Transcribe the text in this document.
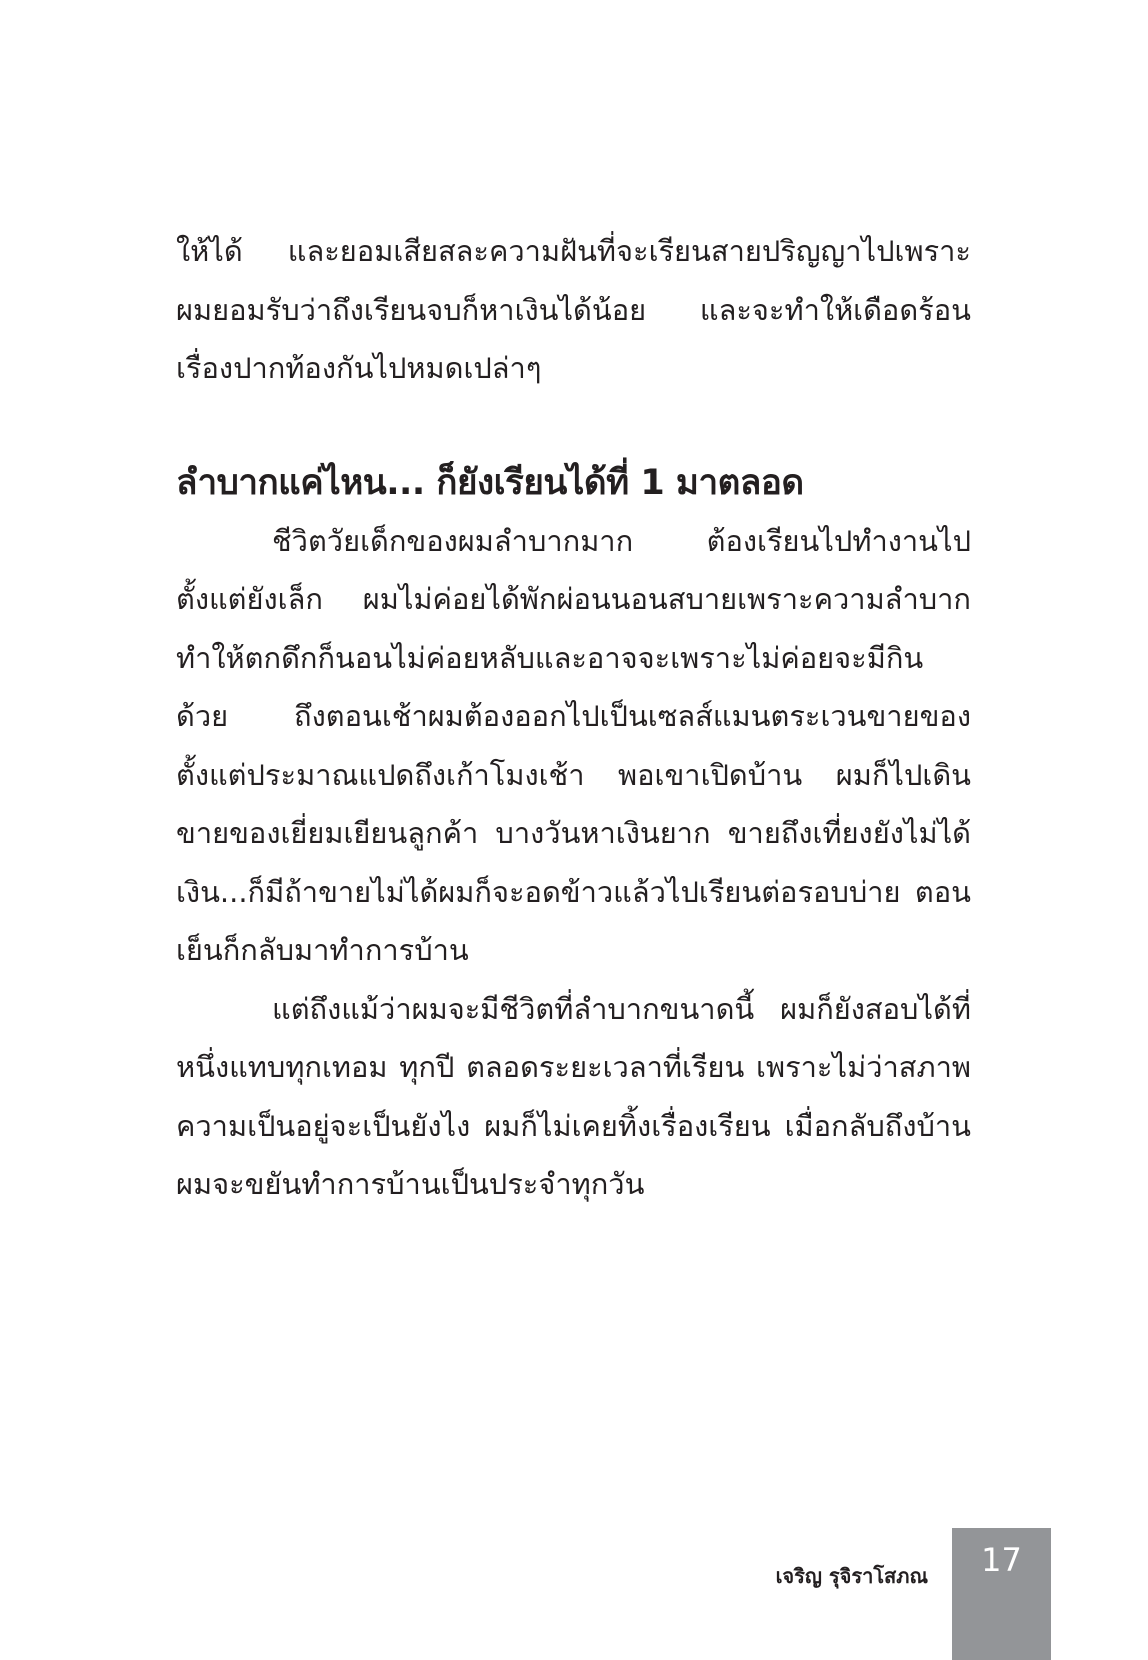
ให้ได้ และยอมเสียสละความฝันที่จะเรียนสายปริญญาไปเพราะผมยอมรับว่าถึงเรียนจบก็หาเงินได้น้อย และจะทำให้เดือดร้อนเรื่องปากท้องกันไปหมดเปล่าๆ

ลำบากแค่ไหน... ก็ยังเรียนได้ที่ 1 มาตลอด

ชีวิตวัยเด็กของผมลำบากมาก ต้องเรียนไปทำงานไปตั้งแต่ยังเล็ก ผมไม่ค่อยได้พักผ่อนนอนสบายเพราะความลำบากทำให้ตกดึกก็นอนไม่ค่อยหลับและอาจจะเพราะไม่ค่อยจะมีกินด้วย ถึงตอนเช้าผมต้องออกไปเป็นเซลส์แมนตระเวนขายของตั้งแต่ประมาณแปดถึงเก้าโมงเช้า พอเขาเปิดบ้าน ผมก็ไปเดินขายของเยี่ยมเยียนลูกค้า บางวันหาเงินยาก ขายถึงเที่ยงยังไม่ได้เงิน...ก็มีถ้าขายไม่ได้ผมก็จะอดข้าวแล้วไปเรียนต่อรอบบ่าย ตอนเย็นก็กลับมาทำการบ้าน

แต่ถึงแม้ว่าผมจะมีชีวิตที่ลำบากขนาดนี้ ผมก็ยังสอบได้ที่หนึ่งแทบทุกเทอม ทุกปี ตลอดระยะเวลาที่เรียน เพราะไม่ว่าสภาพความเป็นอยู่จะเป็นยังไง ผมก็ไม่เคยทิ้งเรื่องเรียน เมื่อกลับถึงบ้านผมจะขยันทำการบ้านเป็นประจำทุกวัน

เจริญ รุจิราโสภณ	17
